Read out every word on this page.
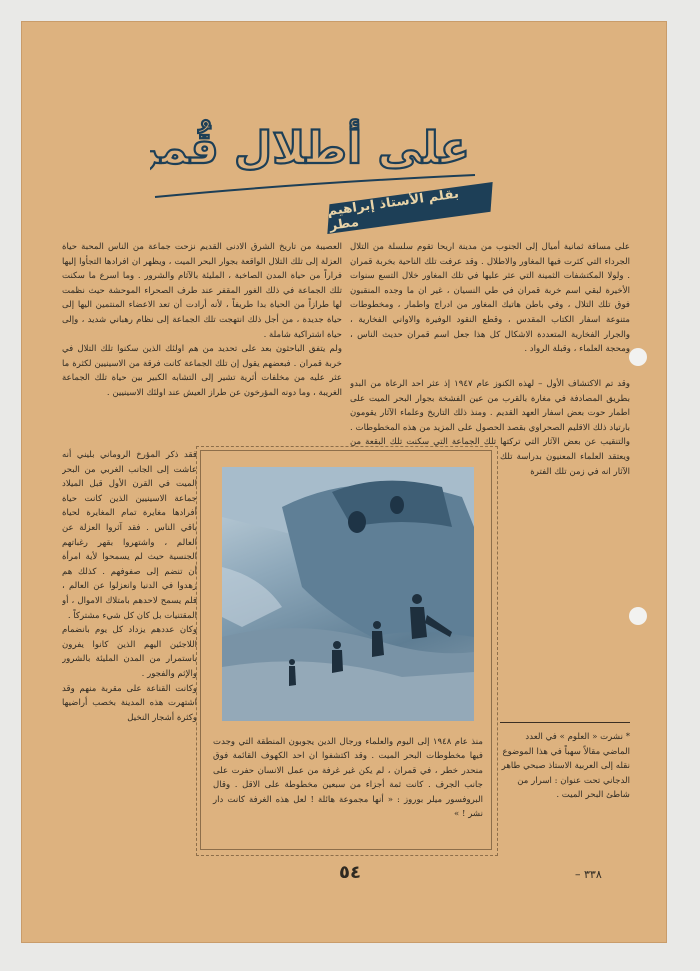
على أطلال قُم
بقلم الأستاذ إبراهيم مطر

على مسافة ثمانية أميال إلى الجنوب من مدينة اريحا تقوم سلسلة من التلال الجرداء التي كثرت فيها المغاور والاطلال . وقد عرفت تلك الناحية بخربة قمران . ولولا المكتشفات الثمينة التي عثر عليها في تلك المغاور خلال التسع سنوات الأخيرة لبقي اسم خربة قمران في طي النسيان ، غير ان ما وجده المنقبون فوق تلك التلال ، وفي باطن هاتيك المغاور من ادراج واطمار ، ومخطوطات متنوعة اسفار الكتاب المقدس ، وقطع النقود الوفيرة والاواني الفخارية ، والجرار الفخارية المتعددة الاشكال كل هذا جعل اسم قمران حديث الناس ، ومحجة العلماء ، وقبلة الرواد .

وقد تم الاكتشاف الأول – لهذه الكنوز عام ١٩٤٧ إذ عثر احد الرعاة من البدو بطريق المصادفة في مغارة بالقرب من عين الفشخة بجوار البحر الميت على اطمار حوت بعض اسفار العهد القديم . ومنذ ذلك التاريخ وعلماء الآثار يقومون بارتياد ذلك الاقليم الصحراوي بقصد الحصول على المزيد من هذه المخطوطات . والتنقيب عن بعض الآثار التي تركتها تلك الجماعة التي سكنت تلك البقعة من

ويعتقد العلماء المعنيون بدراسة تلك الآثار انه في زمن تلك الفترة

العصيبة من تاريخ الشرق الادنى القديم نزحت جماعة من الناس المحبة حياة العزلة إلى تلك التلال الواقعة بجوار البحر الميت ، ويظهر ان افرادها التجأوا إليها فراراً من حياة المدن الصاخبة ، المليئة بالآثام والشرور . وما اسرع ما سكنت تلك الجماعة في ذلك الغور المقفر عند طرف الصحراء الموحشة حيث نظمت لها طرازاً من الحياة بدا طريفاً ، لأنه أرادت أن تعد الاعضاء المنتمين اليها إلى حياة جديدة ، من أجل ذلك انتهجت تلك الجماعة إلى نظام رهباني شديد ، وإلى حياة اشتراكية شاملة .

ولم يتفق الباحثون بعد على تحديد من هم اولئك الذين سكنوا تلك التلال في خربة قمران . فبعضهم يقول إن تلك الجماعة كانت فرقة من الاسينيين لكثرة ما عثر عليه من مخلفات أثرية تشير إلى التشابه الكبير بين حياة تلك الجماعة الغريبة ، وما دونه المؤرخون عن طراز العيش عند اولئك الاسينيين .

فقد ذكر المؤرخ الروماني بليني أنه عاشت إلى الجانب الغربي من البحر الميت في القرن الأول قبل الميلاد جماعة الاسينيين الذين كانت حياة أفرادها مغايرة تمام المغايرة لحياة باقي الناس . فقد آثروا العزلة عن العالم ، واشتهروا بقهر رغباتهم الجنسية حيث لم يسمحوا لأية امرأة أن تنضم إلى صفوفهم . كذلك هم زهدوا في الدنيا وانعزلوا عن العالم ، فلم يسمح لاحدهم بامتلاك الاموال ، أو المقتنيات بل كان كل شيء مشتركاً .

وكان عددهم يزداد كل يوم بانضمام اللاجئين اليهم الذين كانوا يفرون باستمرار من المدن المليئة بالشرور والإثم والفجور .

وكانت القناعة على مقربة منهم وقد اشتهرت هذه المدينة بخصب أراضيها وكثرة أشجار النخيل

منذ عام ١٩٤٨ إلى اليوم والعلماء ورجال الدين يجوبون المنطقة التي وجدت فيها مخطوطات البحر الميت . وقد اكتشفوا ان احد الكهوف القائمة فوق منحدر خطر ، في قمران ، لم يكن غير غرفة من عمل الانسان حفرت على جانب الجرف . كانت ثمة أجزاء من سبعين مخطوطة على الاقل . وقال البروفسور ميلر بوروز : « أنها مجموعة هائلة ! لعل هذه الغرفة كانت دار نشر ! »
* نشرت « العلوم » في العدد الماضي مقالاً سهباً في هذا الموضوع نقله إلى العربية الاستاذ صبحي طاهر الدجاني تحت عنوان : اسرار من شاطئ البحر الميت .
٥٤	٣٣٨ –
